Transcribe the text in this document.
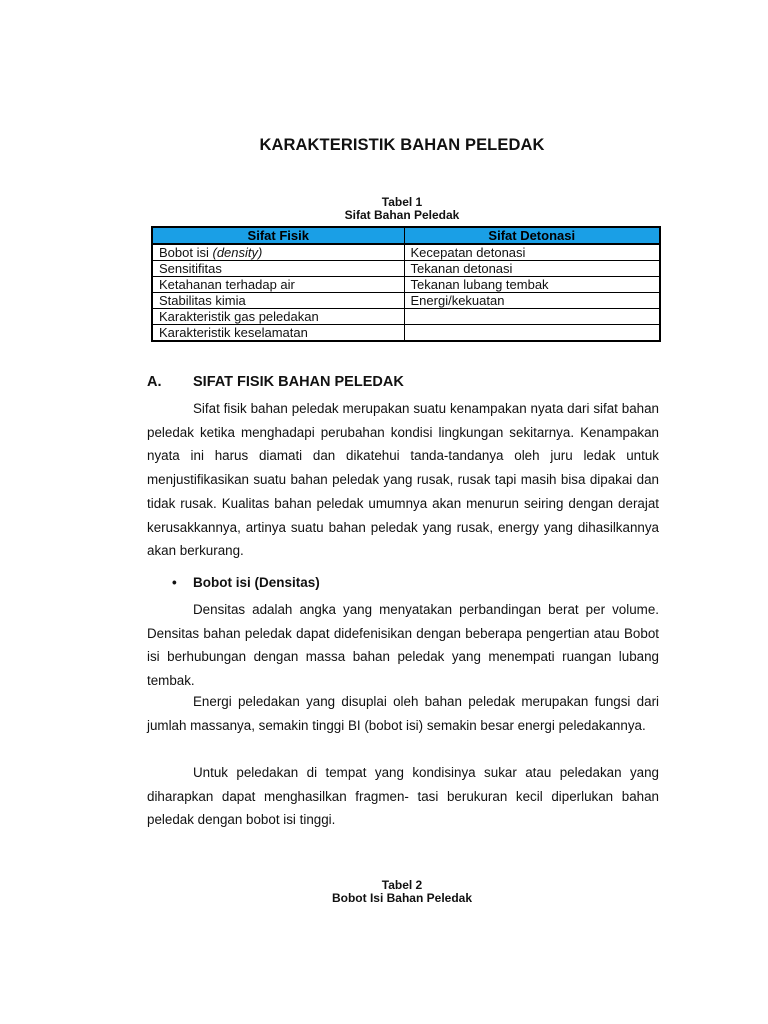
KARAKTERISTIK BAHAN PELEDAK
Tabel 1
Sifat Bahan Peledak
Sifat Fisik	Sifat Detonasi
Bobot isi (density)	Kecepatan detonasi
Sensitifitas	Tekanan detonasi
Ketahanan terhadap air	Tekanan lubang tembak
Stabilitas kimia	Energi/kekuatan
Karakteristik gas peledakan	
Karakteristik keselamatan	
A. SIFAT FISIK BAHAN PELEDAK

Sifat fisik bahan peledak merupakan suatu kenampakan nyata dari sifat bahan peledak ketika menghadapi perubahan kondisi lingkungan sekitarnya. Kenampakan nyata ini harus diamati dan dikatehui tanda-tandanya oleh juru ledak untuk menjustifikasikan suatu bahan peledak yang rusak, rusak tapi masih bisa dipakai dan tidak rusak. Kualitas bahan peledak umumnya akan menurun seiring dengan derajat kerusakkannya, artinya suatu bahan peledak yang rusak, energy yang dihasilkannya akan berkurang.

• Bobot isi (Densitas)

Densitas adalah angka yang menyatakan perbandingan berat per volume. Densitas bahan peledak dapat didefenisikan dengan beberapa pengertian atau Bobot isi berhubungan dengan massa bahan peledak yang menempati ruangan lubang tembak.

Energi peledakan yang disuplai oleh bahan peledak merupakan fungsi dari jumlah massanya, semakin tinggi BI (bobot isi) semakin besar energi peledakannya.

Untuk peledakan di tempat yang kondisinya sukar atau peledakan yang diharapkan dapat menghasilkan fragmen- tasi berukuran kecil diperlukan bahan peledak dengan bobot isi tinggi.

Tabel 2
Bobot Isi Bahan Peledak
